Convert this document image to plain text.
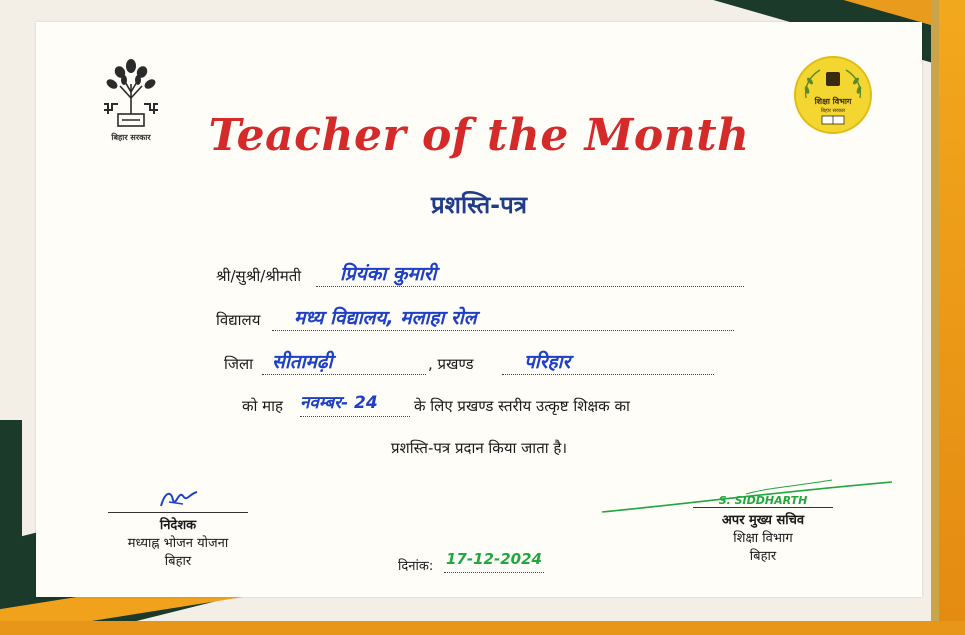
बिहार सरकार
शिक्षा विभाग
बिहार सरकार
Teacher of the Month
प्रशस्ति-पत्र
श्री/सुश्री/श्रीमती प्रियंका कुमारी
विद्यालय मध्य विद्यालय, मलाहा रोल
जिला सीतामढ़ी	, प्रखण्ड	परिहार
को माह नवम्बर- 24 के लिए प्रखण्ड स्तरीय उत्कृष्ट शिक्षक का
प्रशस्ति-पत्र प्रदान किया जाता है।
निदेशक
मध्याह्न भोजन योजना
बिहार	दिनांक: 17-12-2024
S. SIDDHARTH
अपर मुख्य सचिव
शिक्षा विभाग
बिहार
